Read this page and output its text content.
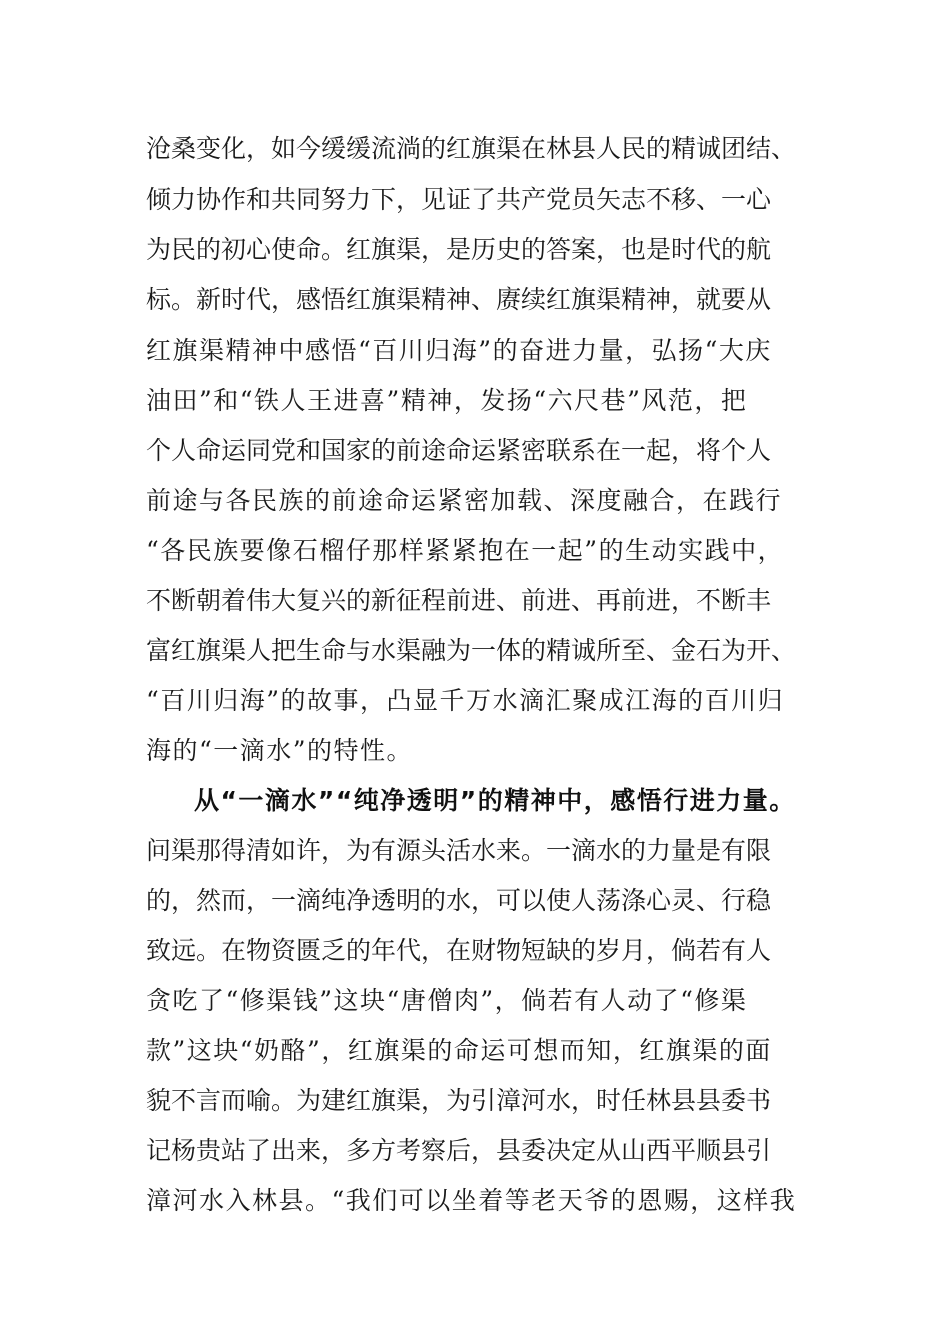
沧桑变化，如今缓缓流淌的红旗渠在林县人民的精诚团结、
倾力协作和共同努力下，见证了共产党员矢志不移、一心
为民的初心使命。红旗渠，是历史的答案，也是时代的航
标。新时代，感悟红旗渠精神、赓续红旗渠精神，就要从
红旗渠精神中感悟“百川归海”的奋进力量，弘扬“大庆
油田”和“铁人王进喜”精神，发扬“六尺巷”风范，把
个人命运同党和国家的前途命运紧密联系在一起，将个人
前途与各民族的前途命运紧密加载、深度融合，在践行
“各民族要像石榴仔那样紧紧抱在一起”的生动实践中，
不断朝着伟大复兴的新征程前进、前进、再前进，不断丰
富红旗渠人把生命与水渠融为一体的精诚所至、金石为开、
“百川归海”的故事，凸显千万水滴汇聚成江海的百川归
海的“一滴水”的特性。
从“一滴水”“纯净透明”的精神中，感悟行进力量。
问渠那得清如许，为有源头活水来。一滴水的力量是有限
的，然而，一滴纯净透明的水，可以使人荡涤心灵、行稳
致远。在物资匮乏的年代，在财物短缺的岁月，倘若有人
贪吃了“修渠钱”这块“唐僧肉”，倘若有人动了“修渠
款”这块“奶酪”，红旗渠的命运可想而知，红旗渠的面
貌不言而喻。为建红旗渠，为引漳河水，时任林县县委书
记杨贵站了出来，多方考察后，县委决定从山西平顺县引
漳河水入林县。“我们可以坐着等老天爷的恩赐，这样我
